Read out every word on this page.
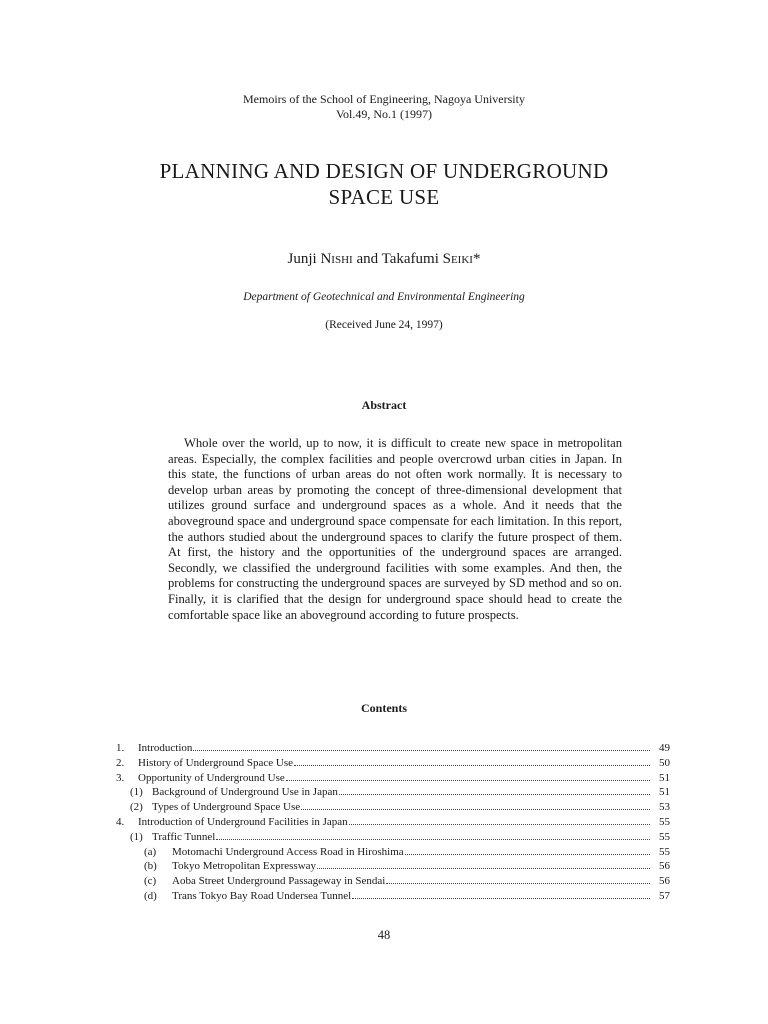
Memoirs of the School of Engineering, Nagoya University
Vol.49, No.1 (1997)
PLANNING AND DESIGN OF UNDERGROUND
SPACE USE
Junji Nishi and Takafumi Seiki*
Department of Geotechnical and Environmental Engineering
(Received June 24, 1997)
Abstract

Whole over the world, up to now, it is difficult to create new space in metropolitan areas. Especially, the complex facilities and people overcrowd urban cities in Japan. In this state, the functions of urban areas do not often work normally. It is necessary to develop urban areas by promoting the concept of three-dimensional development that utilizes ground surface and underground spaces as a whole. And it needs that the aboveground space and underground space compensate for each limitation. In this report, the authors studied about the underground spaces to clarify the future prospect of them. At first, the history and the opportunities of the underground spaces are arranged. Secondly, we classified the underground facilities with some examples. And then, the problems for constructing the underground spaces are surveyed by SD method and so on. Finally, it is clarified that the design for underground space should head to create the comfortable space like an aboveground according to future prospects.

Contents
1.	Introduction	49
2.	History of Underground Space Use	50
3.	Opportunity of Underground Use	51
(1) Background of Underground Use in Japan	51
(2) Types of Underground Space Use	53
4.	Introduction of Underground Facilities in Japan	55
(1) Traffic Tunnel	55
(a)	Motomachi Underground Access Road in Hiroshima	55
(b)	Tokyo Metropolitan Expressway	56
(c)	Aoba Street Underground Passageway in Sendai	56
(d)	Trans Tokyo Bay Road Undersea Tunnel	57
48
